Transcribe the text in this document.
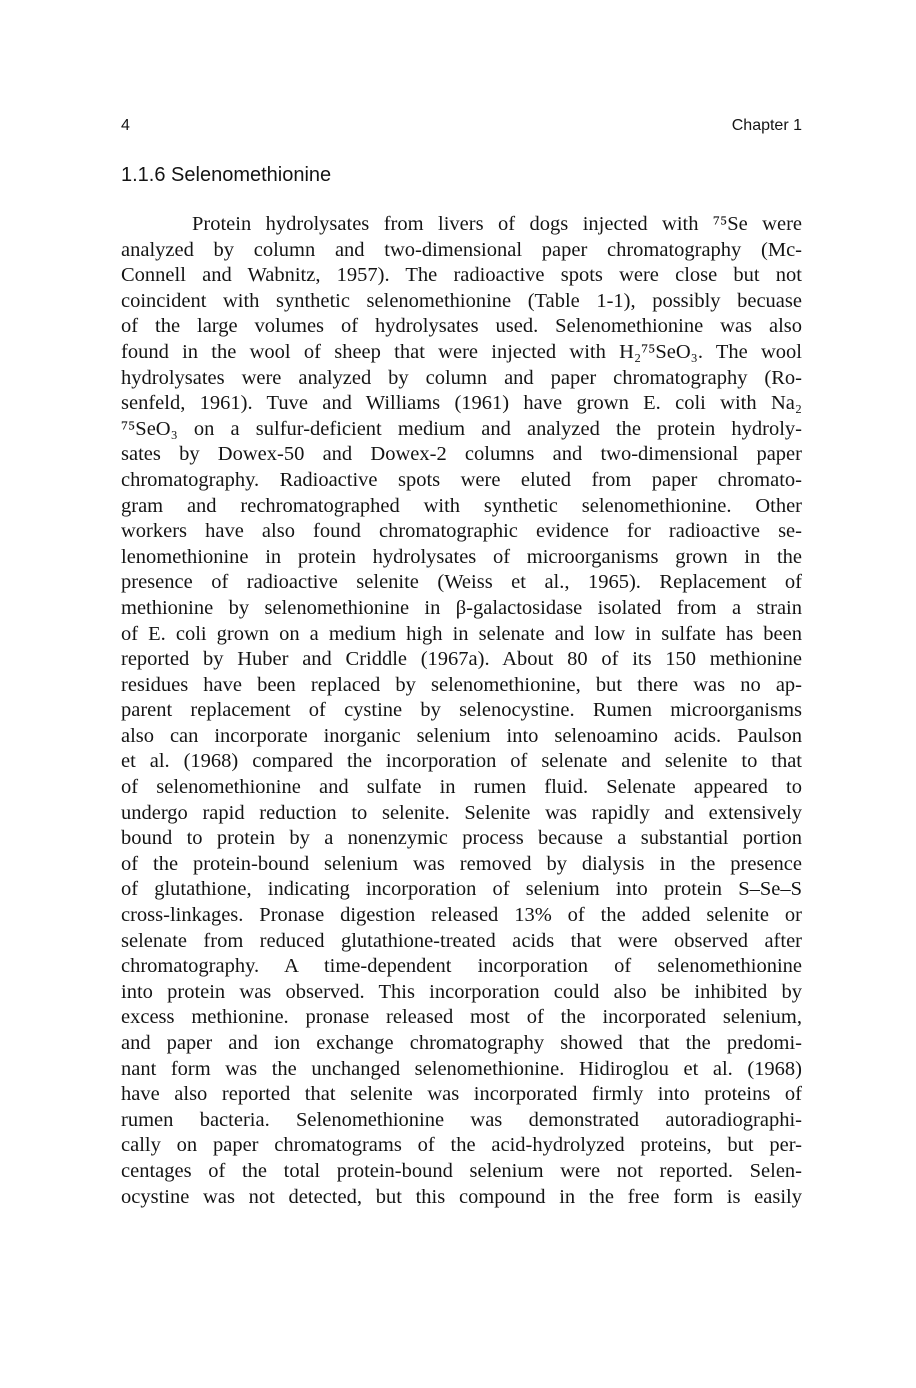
4	Chapter 1
1.1.6 Selenomethionine
Protein hydrolysates from livers of dogs injected with ⁷⁵Se were
analyzed by column and two-dimensional paper chromatography (Mc-
Connell and Wabnitz, 1957). The radioactive spots were close but not
coincident with synthetic selenomethionine (Table 1-1), possibly becuase
of the large volumes of hydrolysates used. Selenomethionine was also
found in the wool of sheep that were injected with H₂⁷⁵SeO₃. The wool
hydrolysates were analyzed by column and paper chromatography (Ro-
senfeld, 1961). Tuve and Williams (1961) have grown E. coli with Na₂
⁷⁵SeO₃ on a sulfur-deficient medium and analyzed the protein hydroly-
sates by Dowex-50 and Dowex-2 columns and two-dimensional paper
chromatography. Radioactive spots were eluted from paper chromato-
gram and rechromatographed with synthetic selenomethionine. Other
workers have also found chromatographic evidence for radioactive se-
lenomethionine in protein hydrolysates of microorganisms grown in the
presence of radioactive selenite (Weiss et al., 1965). Replacement of
methionine by selenomethionine in β-galactosidase isolated from a strain
of E. coli grown on a medium high in selenate and low in sulfate has been
reported by Huber and Criddle (1967a). About 80 of its 150 methionine
residues have been replaced by selenomethionine, but there was no ap-
parent replacement of cystine by selenocystine. Rumen microorganisms
also can incorporate inorganic selenium into selenoamino acids. Paulson
et al. (1968) compared the incorporation of selenate and selenite to that
of selenomethionine and sulfate in rumen fluid. Selenate appeared to
undergo rapid reduction to selenite. Selenite was rapidly and extensively
bound to protein by a nonenzymic process because a substantial portion
of the protein-bound selenium was removed by dialysis in the presence
of glutathione, indicating incorporation of selenium into protein S–Se–S
cross-linkages. Pronase digestion released 13% of the added selenite or
selenate from reduced glutathione-treated acids that were observed after
chromatography. A time-dependent incorporation of selenomethionine
into protein was observed. This incorporation could also be inhibited by
excess methionine. pronase released most of the incorporated selenium,
and paper and ion exchange chromatography showed that the predomi-
nant form was the unchanged selenomethionine. Hidiroglou et al. (1968)
have also reported that selenite was incorporated firmly into proteins of
rumen bacteria. Selenomethionine was demonstrated autoradiographi-
cally on paper chromatograms of the acid-hydrolyzed proteins, but per-
centages of the total protein-bound selenium were not reported. Selen-
ocystine was not detected, but this compound in the free form is easily
